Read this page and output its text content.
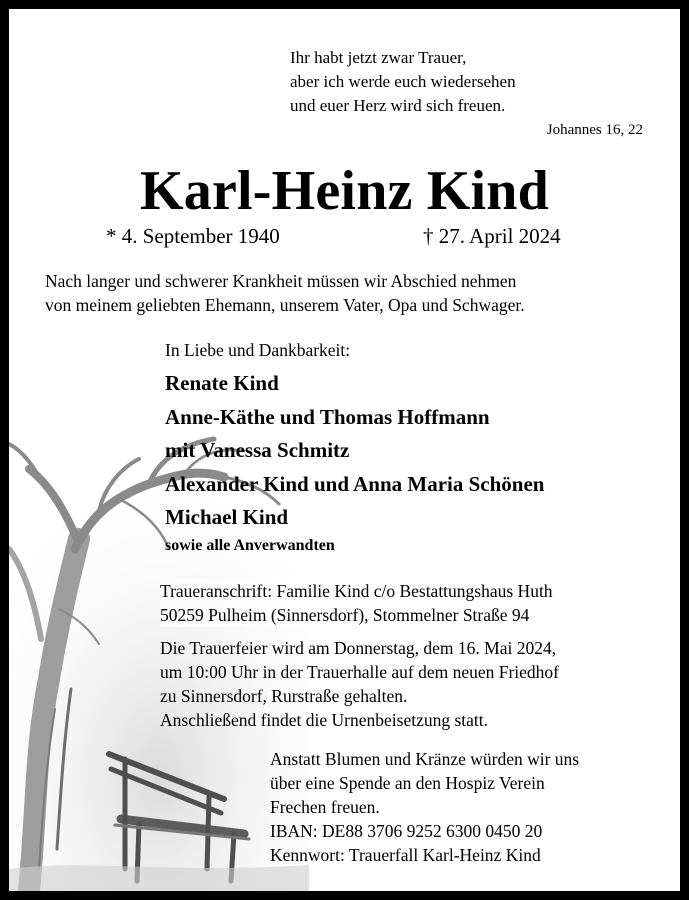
Ihr habt jetzt zwar Trauer,
aber ich werde euch wiedersehen
und euer Herz wird sich freuen.
Johannes 16, 22
Karl-Heinz Kind
* 4. September 1940	† 27. April 2024
Nach langer und schwerer Krankheit müssen wir Abschied nehmen
von meinem geliebten Ehemann, unserem Vater, Opa und Schwager.
In Liebe und Dankbarkeit:
Renate Kind
Anne-Käthe und Thomas Hoffmann
mit Vanessa Schmitz
Alexander Kind und Anna Maria Schönen
Michael Kind
sowie alle Anverwandten
Traueranschrift: Familie Kind c/o Bestattungshaus Huth
50259 Pulheim (Sinnersdorf), Stommelner Straße 94
Die Trauerfeier wird am Donnerstag, dem 16. Mai 2024,
um 10:00 Uhr in der Trauerhalle auf dem neuen Friedhof
zu Sinnersdorf, Rurstraße gehalten.
Anschließend findet die Urnenbeisetzung statt.
Anstatt Blumen und Kränze würden wir uns
über eine Spende an den Hospiz Verein
Frechen freuen.
IBAN: DE88 3706 9252 6300 0450 20
Kennwort: Trauerfall Karl-Heinz Kind
